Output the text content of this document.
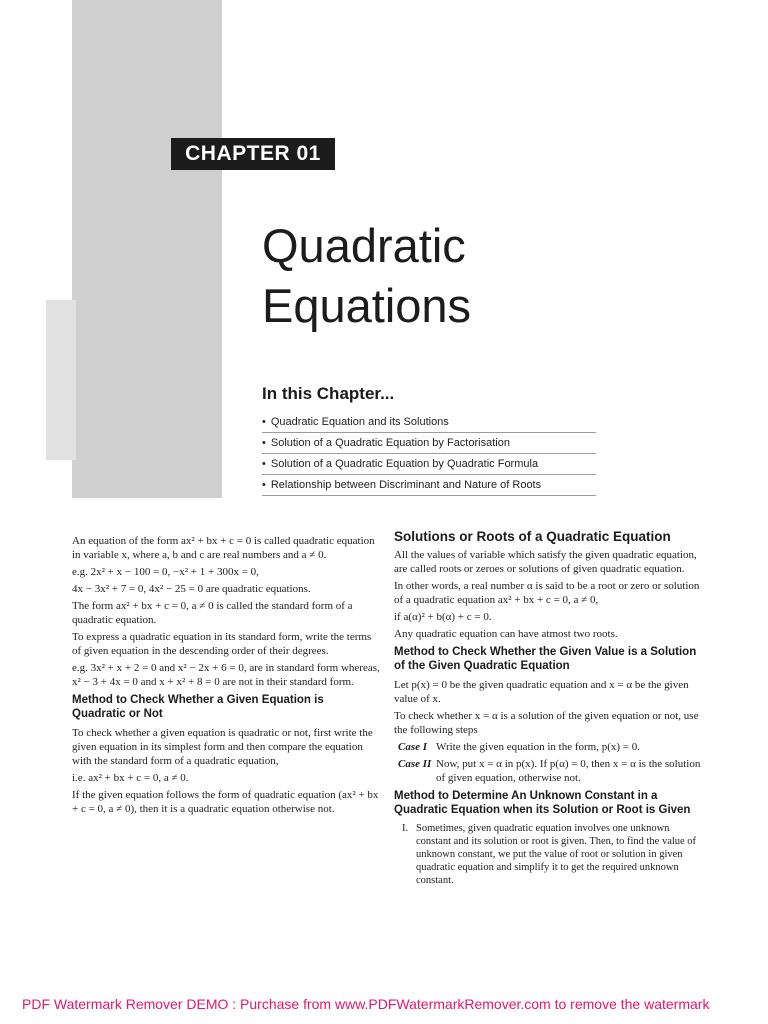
CHAPTER 01
Quadratic
Equations
In this Chapter...
• Quadratic Equation and its Solutions
• Solution of a Quadratic Equation by Factorisation
• Solution of a Quadratic Equation by Quadratic Formula
• Relationship between Discriminant and Nature of Roots

An equation of the form ax² + bx + c = 0 is called quadratic equation in variable x, where a, b and c are real numbers and a ≠ 0.

e.g. 2x² + x − 100 = 0, −x² + 1 + 300x = 0,

4x − 3x² + 7 = 0, 4x² − 25 = 0 are quadratic equations.

The form ax² + bx + c = 0, a ≠ 0 is called the standard form of a quadratic equation.

To express a quadratic equation in its standard form, write the terms of given equation in the descending order of their degrees.

e.g. 3x² + x + 2 = 0 and x² − 2x + 6 = 0, are in standard form whereas, x² − 3 + 4x = 0 and x + x² + 8 = 0 are not in their standard form.

Method to Check Whether a Given Equation is Quadratic or Not

To check whether a given equation is quadratic or not, first write the given equation in its simplest form and then compare the equation with the standard form of a quadratic equation,

i.e. ax² + bx + c = 0, a ≠ 0.

If the given equation follows the form of quadratic equation (ax² + bx + c = 0, a ≠ 0), then it is a quadratic equation otherwise not.

Solutions or Roots of a Quadratic Equation

All the values of variable which satisfy the given quadratic equation, are called roots or zeroes or solutions of given quadratic equation.

In other words, a real number α is said to be a root or zero or solution of a quadratic equation ax² + bx + c = 0, a ≠ 0,

if a(α)² + b(α) + c = 0.

Any quadratic equation can have atmost two roots.

Method to Check Whether the Given Value is a Solution of the Given Quadratic Equation

Let p(x) = 0 be the given quadratic equation and x = α be the given value of x.

To check whether x = α is a solution of the given equation or not, use the following steps

Case I Write the given equation in the form, p(x) = 0.
Case II Now, put x = α in p(x). If p(α) = 0, then x = α is the solution of given equation, otherwise not.
Method to Determine An Unknown Constant in a Quadratic Equation when its Solution or Root is Given
I. Sometimes, given quadratic equation involves one unknown constant and its solution or root is given. Then, to find the value of unknown constant, we put the value of root or solution in given quadratic equation and simplify it to get the required unknown constant.
PDF Watermark Remover DEMO : Purchase from www.PDFWatermarkRemover.com to remove the watermark
